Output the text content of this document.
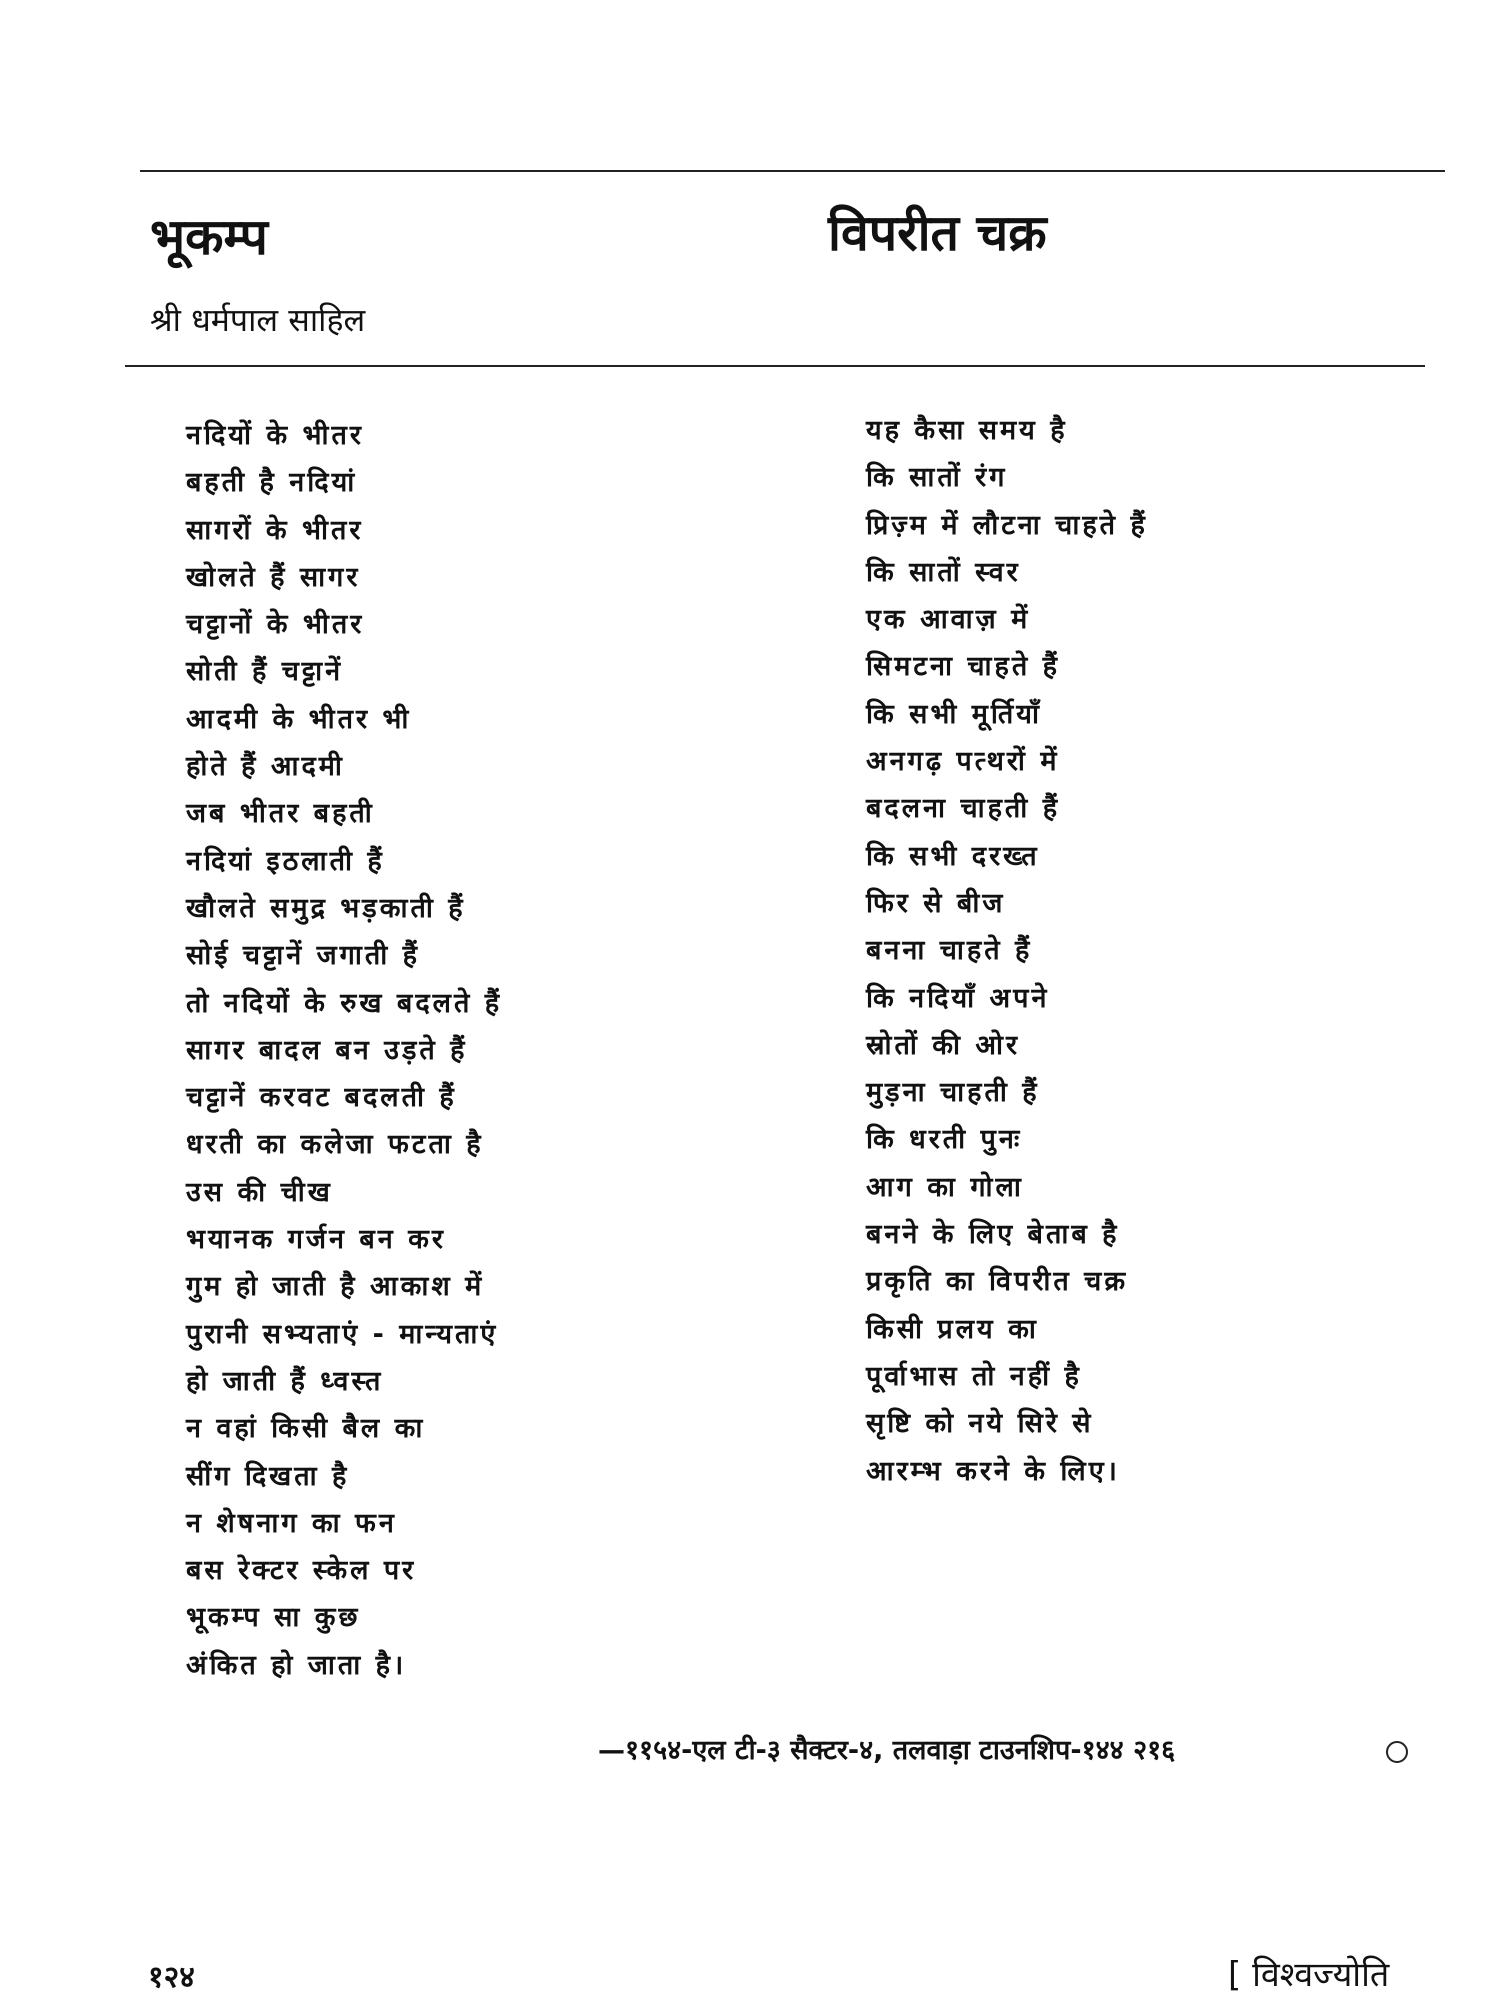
भूकम्प	विपरीत चक्र
श्री धर्मपाल साहिल
नदियों के भीतर
बहती है नदियां
सागरों के भीतर
खोलते हैं सागर
चट्टानों के भीतर
सोती हैं चट्टानें
आदमी के भीतर भी
होते हैं आदमी
जब भीतर बहती
नदियां इठलाती हैं
खौलते समुद्र भड़काती हैं
सोई चट्टानें जगाती हैं
तो नदियों के रुख बदलते हैं
सागर बादल बन उड़ते हैं
चट्टानें करवट बदलती हैं
धरती का कलेजा फटता है
उस की चीख
भयानक गर्जन बन कर
गुम हो जाती है आकाश में
पुरानी सभ्यताएं - मान्यताएं
हो जाती हैं ध्वस्त
न वहां किसी बैल का
सींग दिखता है
न शेषनाग का फन
बस रेक्टर स्केल पर
भूकम्प सा कुछ
अंकित हो जाता है।
यह कैसा समय है
कि सातों रंग
प्रिज़्म में लौटना चाहते हैं
कि सातों स्वर
एक आवाज़ में
सिमटना चाहते हैं
कि सभी मूर्तियाँ
अनगढ़ पत्थरों में
बदलना चाहती हैं
कि सभी दरख्त
फिर से बीज
बनना चाहते हैं
कि नदियाँ अपने
स्रोतों की ओर
मुड़ना चाहती हैं
कि धरती पुनः
आग का गोला
बनने के लिए बेताब है
प्रकृति का विपरीत चक्र
किसी प्रलय का
पूर्वाभास तो नहीं है
सृष्टि को नये सिरे से
आरम्भ करने के लिए।
—११५४-एल टी-३ सैक्टर-४, तलवाड़ा टाउनशिप-१४४ २१६
१२४	[ विश्वज्योति
